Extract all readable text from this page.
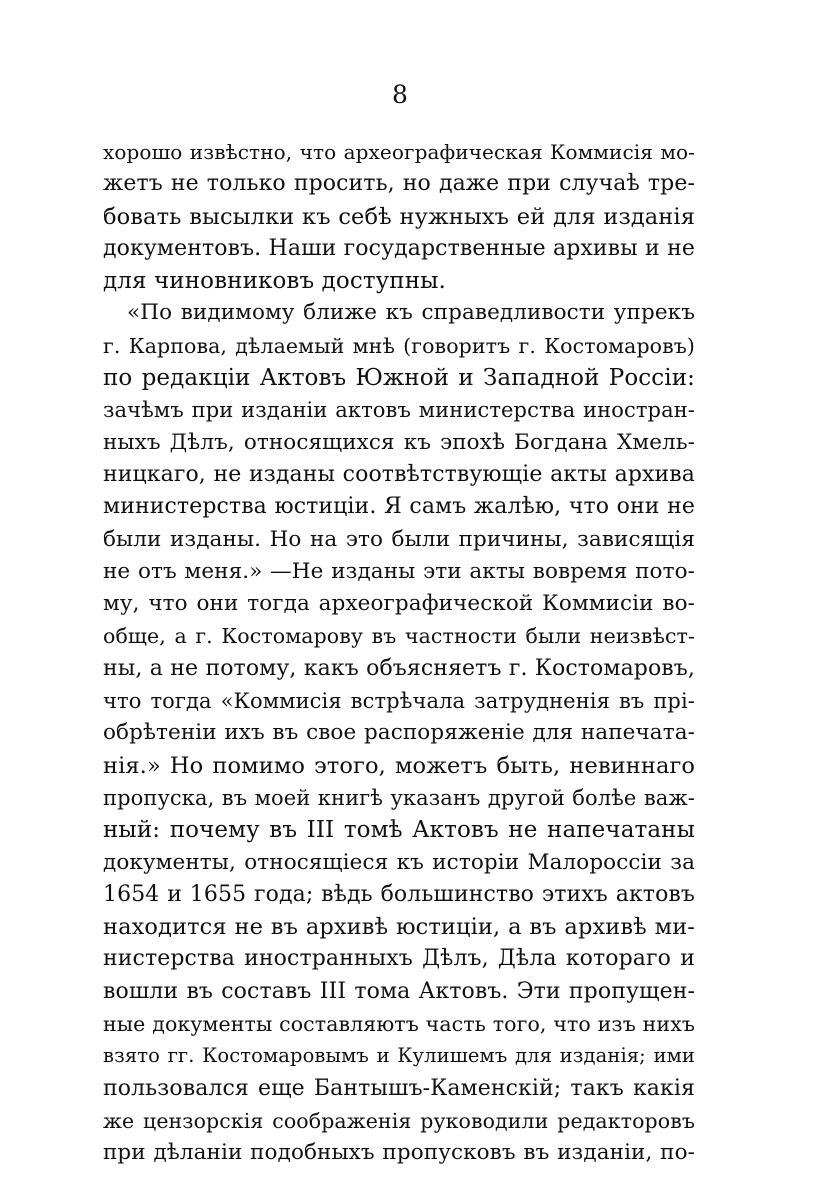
8
хорошо извѣстно, что археографическая Коммисія мо-
жетъ не только просить, но даже при случаѣ тре-
бовать высылки къ себѣ нужныхъ ей для изданія
документовъ. Наши государственные архивы и не
для чиновниковъ доступны.
«По видимому ближе къ справедливости упрекъ
г. Карпова, дѣлаемый мнѣ (говоритъ г. Костомаровъ)
по редакціи Актовъ Южной и Западной Россіи:
зачѣмъ при изданіи актовъ министерства иностран-
ныхъ Дѣлъ, относящихся къ эпохѣ Богдана Хмель-
ницкаго, не изданы соотвѣтствующіе акты архива
министерства юстиціи. Я самъ жалѣю, что они не
были изданы. Но на это были причины, зависящія
не отъ меня.» —Не изданы эти акты вовремя пото-
му, что они тогда археографической Коммисіи во-
обще, а г. Костомарову въ частности были неизвѣст-
ны, а не потому, какъ объясняетъ г. Костомаровъ,
что тогда «Коммисія встрѣчала затрудненія въ прі-
обрѣтеніи ихъ въ свое распоряженіе для напечата-
нія.» Но помимо этого, можетъ быть, невиннаго
пропуска, въ моей книгѣ указанъ другой болѣе важ-
ный: почему въ III томѣ Актовъ не напечатаны
документы, относящіеся къ исторіи Малороссіи за
1654 и 1655 года; вѣдь большинство этихъ актовъ
находится не въ архивѣ юстиціи, а въ архивѣ ми-
нистерства иностранныхъ Дѣлъ, Дѣла котораго и
вошли въ составъ III тома Актовъ. Эти пропущен-
ные документы составляютъ часть того, что изъ нихъ
взято гг. Костомаровымъ и Кулишемъ для изданія; ими
пользовался еще Бантышъ-Каменскій; такъ какія
же цензорскія соображенія руководили редакторовъ
при дѣланіи подобныхъ пропусковъ въ изданіи, по-
